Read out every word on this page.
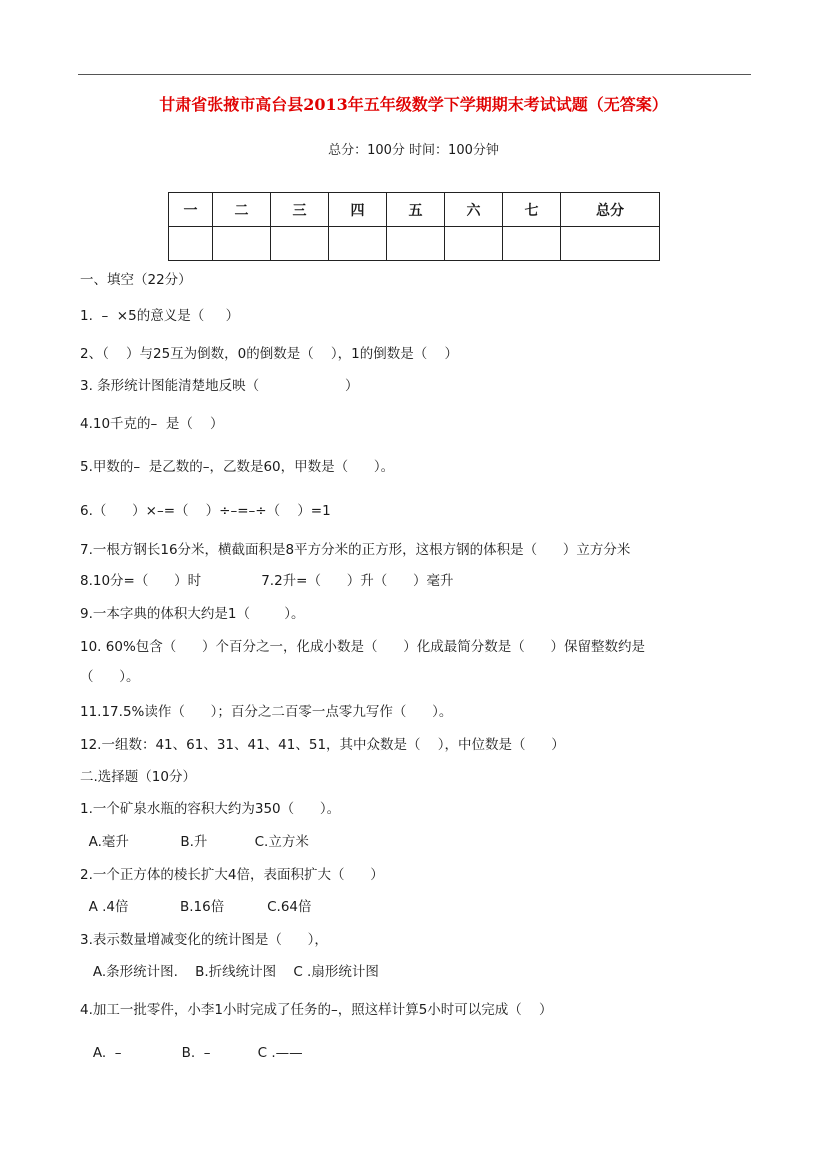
甘肃省张掖市高台县2013年五年级数学下学期期末考试试题（无答案）
总分：100分 时间：100分钟
一	二	三	四	五	六	七	总分

一、填空（22分）
1.  –  ×5的意义是（     ）
2、（    ）与25互为倒数，0的倒数是（    ），1的倒数是（    ）
3. 条形统计图能清楚地反映（                    ）
4.10千克的–  是（    ）
5.甲数的–  是乙数的–，乙数是60，甲数是（      ）。
6.（      ）×–=（    ）÷–=–÷（    ）=1
7.一根方钢长16分米，横截面积是8平方分米的正方形，这根方钢的体积是（      ）立方分米
8.10分=（      ）时              7.2升=（      ）升（      ）毫升
9.一本字典的体积大约是1（        ）。
10. 60%包含（      ）个百分之一，化成小数是（      ）化成最简分数是（      ）保留整数约是
（      ）。
11.17.5%读作（      ）；百分之二百零一点零九写作（      ）。
12.一组数：41、61、31、41、41、51，其中众数是（    ），中位数是（      ）
二.选择题（10分）
1.一个矿泉水瓶的容积大约为350（      ）。
A.毫升            B.升           C.立方米
2.一个正方体的棱长扩大4倍，表面积扩大（      ）
A .4倍            B.16倍          C.64倍
3.表示数量增减变化的统计图是（      ），
A.条形统计图.    B.折线统计图    C .扇形统计图
4.加工一批零件，小李1小时完成了任务的–，照这样计算5小时可以完成（    ）
A.  –              B.  –           C .——
